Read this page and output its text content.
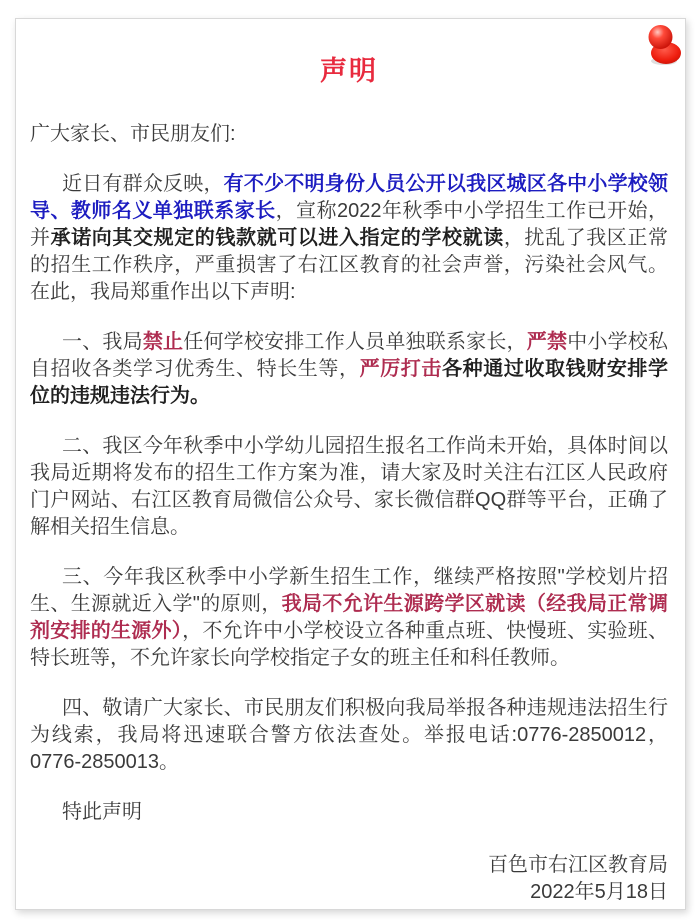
声明

广大家长、市民朋友们:

近日有群众反映，有不少不明身份人员公开以我区城区各中小学校领导、教师名义单独联系家长，宣称2022年秋季中小学招生工作已开始，并承诺向其交规定的钱款就可以进入指定的学校就读，扰乱了我区正常的招生工作秩序，严重损害了右江区教育的社会声誉，污染社会风气。在此，我局郑重作出以下声明:

一、我局禁止任何学校安排工作人员单独联系家长，严禁中小学校私自招收各类学习优秀生、特长生等，严厉打击各种通过收取钱财安排学位的违规违法行为。

二、我区今年秋季中小学幼儿园招生报名工作尚未开始，具体时间以我局近期将发布的招生工作方案为准，请大家及时关注右江区人民政府门户网站、右江区教育局微信公众号、家长微信群QQ群等平台，正确了解相关招生信息。

三、今年我区秋季中小学新生招生工作，继续严格按照"学校划片招生、生源就近入学"的原则，我局不允许生源跨学区就读（经我局正常调剂安排的生源外），不允许中小学校设立各种重点班、快慢班、实验班、特长班等，不允许家长向学校指定子女的班主任和科任教师。

四、敬请广大家长、市民朋友们积极向我局举报各种违规违法招生行为线索，我局将迅速联合警方依法查处。举报电话:0776-2850012，0776-2850013。

特此声明

百色市右江区教育局

2022年5月18日
